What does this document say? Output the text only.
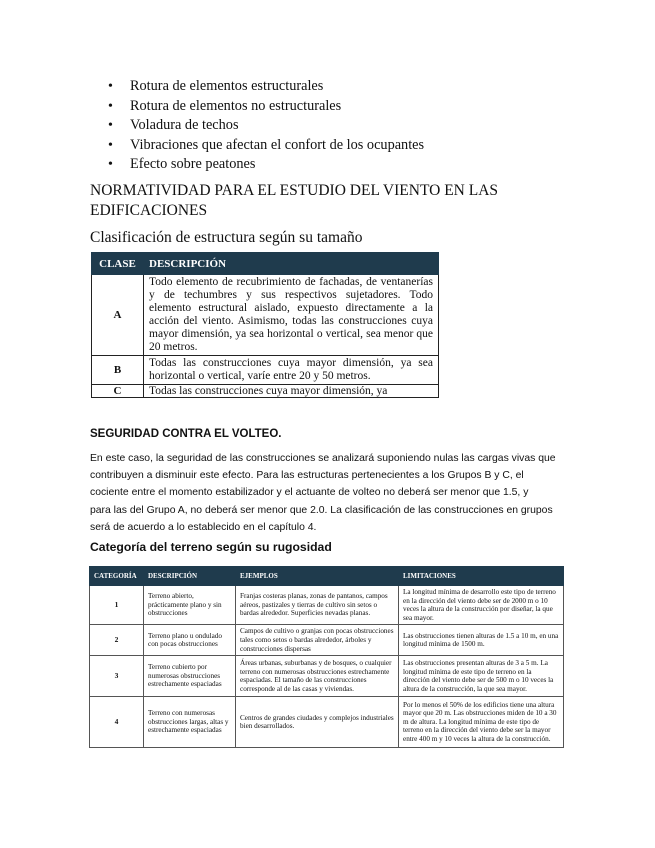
• Rotura de elementos estructurales
• Rotura de elementos no estructurales
• Voladura de techos
• Vibraciones que afectan el confort de los ocupantes
• Efecto sobre peatones
NORMATIVIDAD PARA EL ESTUDIO DEL VIENTO EN LAS EDIFICACIONES
Clasificación de estructura según su tamaño
CLASE	DESCRIPCIÓN
A	Todo elemento de recubrimiento de fachadas, de ventanerías y de techumbres y sus respectivos sujetadores. Todo elemento estructural aislado, expuesto directamente a la acción del viento. Asimismo, todas las construcciones cuya mayor dimensión, ya sea horizontal o vertical, sea menor que 20 metros.
B	Todas las construcciones cuya mayor dimensión, ya sea horizontal o vertical, varíe entre 20 y 50 metros.
C	Todas las construcciones cuya mayor dimensión, ya
SEGURIDAD CONTRA EL VOLTEO.
En este caso, la seguridad de las construcciones se analizará suponiendo nulas las cargas vivas que
contribuyen a disminuir este efecto. Para las estructuras pertenecientes a los Grupos B y C, el
cociente entre el momento estabilizador y el actuante de volteo no deberá ser menor que 1.5, y
para las del Grupo A, no deberá ser menor que 2.0. La clasificación de las construcciones en grupos
será de acuerdo a lo establecido en el capítulo 4.
Categoría del terreno según su rugosidad
CATEGORÍA	DESCRIPCIÓN	EJEMPLOS	LIMITACIONES
1	Terreno abierto, prácticamente plano y sin obstrucciones	Franjas costeras planas, zonas de pantanos, campos aéreos, pastizales y tierras de cultivo sin setos o bardas alrededor. Superficies nevadas planas.	La longitud mínima de desarrollo este tipo de terreno en la dirección del viento debe ser de 2000 m o 10 veces la altura de la construcción por diseñar, la que sea mayor.
2	Terreno plano u ondulado con pocas obstrucciones	Campos de cultivo o granjas con pocas obstrucciones tales como setos o bardas alrededor, árboles y construcciones dispersas	Las obstrucciones tienen alturas de 1.5 a 10 m, en una longitud mínima de 1500 m.
3	Terreno cubierto por numerosas obstrucciones estrechamente espaciadas	Áreas urbanas, suburbanas y de bosques, o cualquier terreno con numerosas obstrucciones estrechamente espaciadas. El tamaño de las construcciones corresponde al de las casas y viviendas.	Las obstrucciones presentan alturas de 3 a 5 m. La longitud mínima de este tipo de terreno en la dirección del viento debe ser de 500 m o 10 veces la altura de la construcción, la que sea mayor.
4	Terreno con numerosas obstrucciones largas, altas y estrechamente espaciadas	Centros de grandes ciudades y complejos industriales bien desarrollados.	Por lo menos el 50% de los edificios tiene una altura mayor que 20 m. Las obstrucciones miden de 10 a 30 m de altura. La longitud mínima de este tipo de terreno en la dirección del viento debe ser la mayor entre 400 m y 10 veces la altura de la construcción.
